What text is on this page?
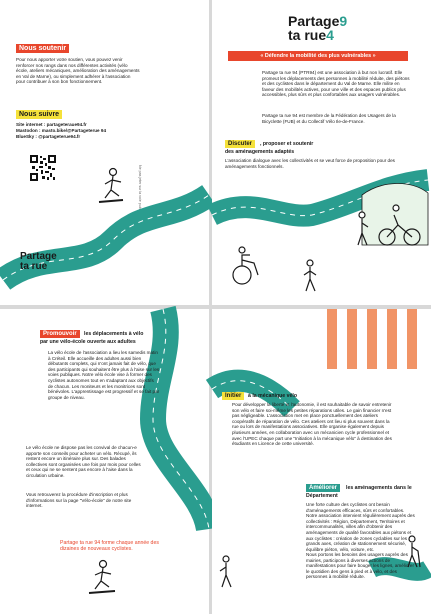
Nous soutenir
Pour nous apporter votre soutien, vous pouvez venir renforcer nos rangs dans nos différentes activités (vélo école, ateliers mécaniques, amélioration des aménagements en Val de Marne), ou simplement adhérer à l'association pour contribuer à son bon fonctionnement.
Nous suivre
Site internet : partageteraue94.fr
Mastodon : masto.bike/@Partageterue 94
BlueSky : @partageterue94.fr
Ne pas jeter sur la voie publique
Partage9
ta rue4
Partage9
ta rue4
« Défendre la mobilité des plus vulnérables »
Partage ta rue 94 (PTR94) est une association à but non lucratif. Elle promeut les déplacements des personnes à mobilité réduite, des piétons et des cyclistes dans le département du Val de Marne. Elle milite en faveur des mobilités actives, pour une ville et des espaces publics plus accessibles, plus sûrs et plus confortables aux usagers vulnérables.
Partage ta rue 94 est membre de la Fédération des Usagers de la Bicyclette (FUB) et du Collectif Vélo Ile-de-France.
Discuter	, proposer et soutenir
des aménagements adaptés
L'association dialogue avec les collectivités et se veut force de proposition pour des aménagements fonctionnels.
Promouvoir	les déplacements à vélo
par une vélo-école ouverte aux adultes
La vélo école de l'association a lieu les samedis matin à Créteil. Elle accueille des adultes aussi bien débutants complets, qui n'ont jamais fait de vélo, que des participants qui souhaitent être plus à l'aise sur les voies publiques. Notre vélo école vise à former des cyclistes autonomes tout en s'adaptant aux objectifs de chacun. Les moniteurs et les monitrices sont bénévoles. L'apprentissage est progressif et se fait par groupe de niveau.
Le vélo école ne dispose pas les convival de chacun-e apporte son conseils pour acheter un vélo. Récupé, ils restent encore un itinéraire plus sur. Des balades collectives sont organisées une fois par mois pour celles et ceux qui ne se sentent pas encore à l'aise dans la circulation urbaine.
Vous retrouverez la procédure d'inscription et plus d'informations sur la page "Vélo-école" de notre site internet.
Partage ta rue 94 forme chaque année des dizaines de nouveaux cyclistes.
Initier	à la mécanique vélo
Pour développer la liberté et l'autonomie, il est souhaitable de savoir entretenir son vélo et faire soi-même les petites réparations utiles. Le gain financier n'est pas négligeable. L'association met en place ponctuellement des ateliers coopératifs de réparation de vélo. Ces ateliers ont lieu si plus souvent dans la rue ou lors de manifestations associatives. Elle organise également depuis plusieurs années, en collaboration avec un mécanicien cycle professionnel et avec l'UPEC chaque part une "Initiation à la mécanique vélo" à destination des étudiants en Licence de cette université.
Améliorer	les aménagements dans le
Département
Une forte culture des cyclistes ont besoin d'aménagements efficaces, sûrs et confortables. Notre association intervient régulièrement auprès des collectivités : Région, Département, Territoires et intercommunalités, villes afin d'obtenir des aménagements de qualité favorables aux piétons et aux cyclistes : création de zones cyclables sur les grands axes, création de stationnement sécurisé, équilibre piéton, vélo, voiture, etc.
Nous portons les besoins des usagers auprès des mairies, participons à diverses actions de manifestations pour faire bouger les lignes, améliorer le quotidien des gens à pied et à vélo, et des personnes à mobilité réduite.
